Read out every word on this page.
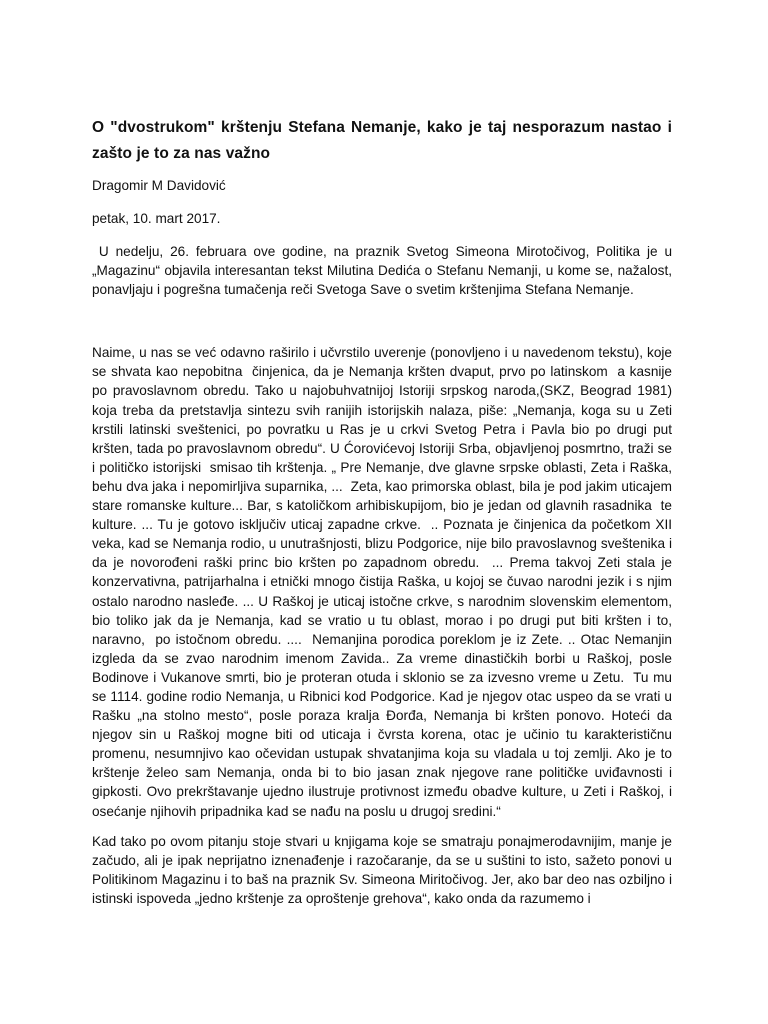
O "dvostrukom" krštenju Stefana Nemanje, kako je taj nesporazum nastao i zašto je to za nas važno
Dragomir M Davidović
petak, 10. mart 2017.

U nedelju, 26. februara ove godine, na praznik Svetog Simeona Mirotočivog, Politika je u „Magazinu“ objavila interesantan tekst Milutina Dedića o Stefanu Nemanji, u kome se, nažalost, ponavljaju i pogrešna tumačenja reči Svetoga Save o svetim krštenjima Stefana Nemanje.

Naime, u nas se već odavno raširilo i učvrstilo uverenje (ponovljeno i u navedenom tekstu), koje se shvata kao nepobitna  činjenica, da je Nemanja kršten dvaput, prvo po latinskom  a kasnije po pravoslavnom obredu. Tako u najobuhvatnijoj Istoriji srpskog naroda,(SKZ, Beograd 1981) koja treba da pretstavlja sintezu svih ranijih istorijskih nalaza, piše: „Nemanja, koga su u Zeti krstili latinski sveštenici, po povratku u Ras je u crkvi Svetog Petra i Pavla bio po drugi put kršten, tada po pravoslavnom obredu“. U Ćorovićevoj Istoriji Srba, objavljenoj posmrtno, traži se i političko istorijski  smisao tih krštenja. „ Pre Nemanje, dve glavne srpske oblasti, Zeta i Raška, behu dva jaka i nepomirljiva suparnika, ...  Zeta, kao primorska oblast, bila je pod jakim uticajem  stare romanske kulture... Bar, s katoličkom arhibiskupijom, bio je jedan od glavnih rasadnika  te kulture. ... Tu je gotovo isključiv uticaj zapadne crkve.  .. Poznata je činjenica da početkom XII veka, kad se Nemanja rodio, u unutrašnjosti, blizu Podgorice, nije bilo pravoslavnog sveštenika i da je novorođeni raški princ bio kršten po zapadnom obredu.  ... Prema takvoj Zeti stala je konzervativna, patrijarhalna i etnički mnogo čistija Raška, u kojoj se čuvao narodni jezik i s njim ostalo narodno nasleđe. ... U Raškoj je uticaj istočne crkve, s narodnim slovenskim elementom, bio toliko jak da je Nemanja, kad se vratio u tu oblast, morao i po drugi put biti kršten i to, naravno,  po istočnom obredu. ....  Nemanjina porodica poreklom je iz Zete. .. Otac Nemanjin izgleda da se zvao narodnim imenom Zavida.. Za vreme dinastičkih borbi u Raškoj, posle Bodinove i Vukanove smrti, bio je proteran otuda i sklonio se za izvesno vreme u Zetu.  Tu mu se 1114. godine rodio Nemanja, u Ribnici kod Podgorice. Kad je njegov otac uspeo da se vrati u Rašku „na stolno mesto“, posle poraza kralja Đorđa, Nemanja bi kršten ponovo. Hoteći da njegov sin u Raškoj mogne biti od uticaja i čvrsta korena, otac je učinio tu karakterističnu promenu, nesumnjivo kao očevidan ustupak shvatanjima koja su vladala u toj zemlji. Ako je to krštenje želeo sam Nemanja, onda bi to bio jasan znak njegove rane političke uviđavnosti i gipkosti. Ovo prekrštavanje ujedno ilustruje protivnost između obadve kulture, u Zeti i Raškoj, i osećanje njihovih pripadnika kad se nađu na poslu u drugoj sredini.“

Kad tako po ovom pitanju stoje stvari u knjigama koje se smatraju ponajmerodavnijim, manje je začudo, ali je ipak neprijatno iznenađenje i razočaranje, da se u suštini to isto, sažeto ponovi u Politikinom Magazinu i to baš na praznik Sv. Simeona Miritočivog. Jer, ako bar deo nas ozbiljno i istinski ispoveda „jedno krštenje za oproštenje grehova“, kako onda da razumemo i
